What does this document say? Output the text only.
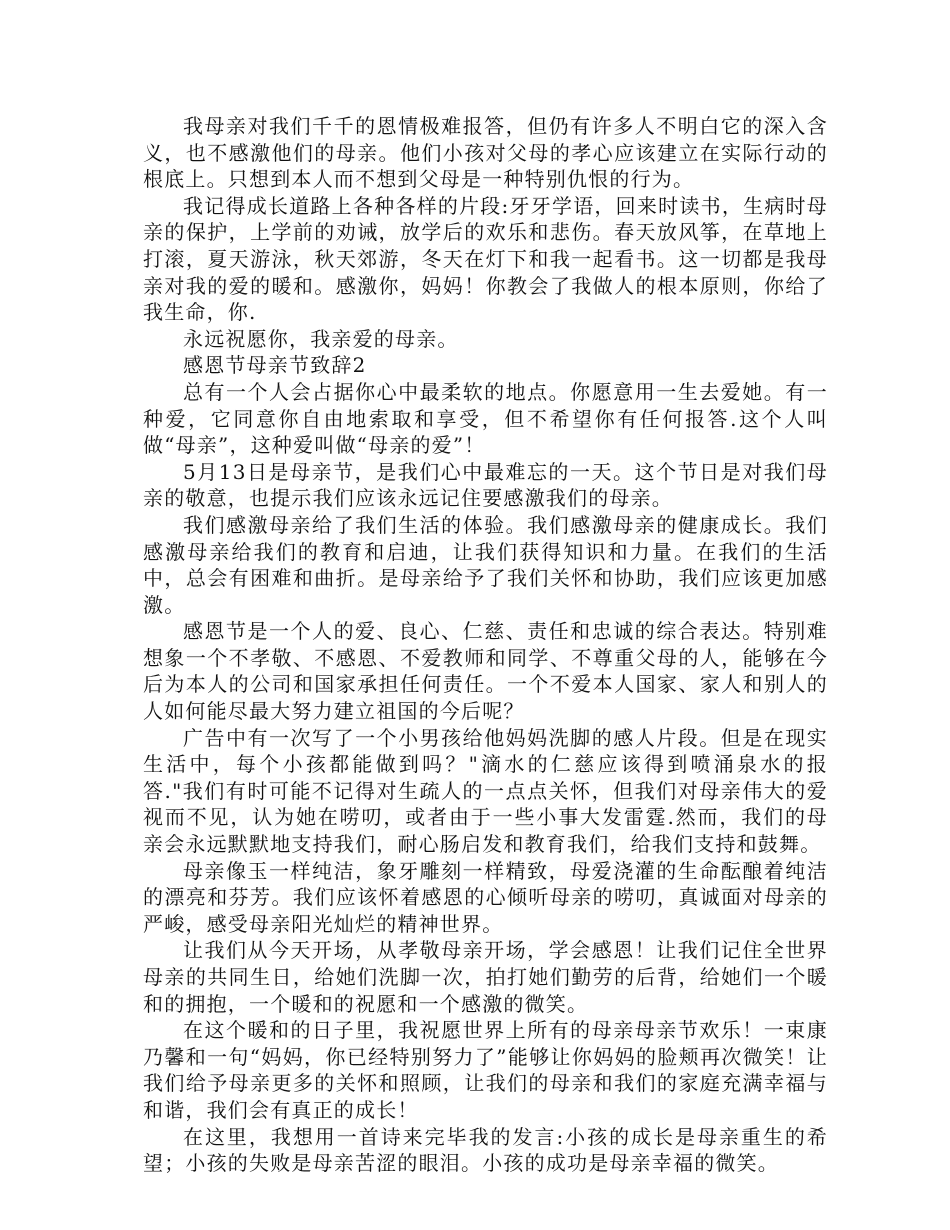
我母亲对我们千千的恩情极难报答，但仍有许多人不明白它的深入含义，也不感激他们的母亲。他们小孩对父母的孝心应该建立在实际行动的根底上。只想到本人而不想到父母是一种特别仇恨的行为。

我记得成长道路上各种各样的片段:牙牙学语，回来时读书，生病时母亲的保护，上学前的劝诫，放学后的欢乐和悲伤。春天放风筝，在草地上打滚，夏天游泳，秋天郊游，冬天在灯下和我一起看书。这一切都是我母亲对我的爱的暖和。感激你，妈妈！你教会了我做人的根本原则，你给了我生命，你.

永远祝愿你，我亲爱的母亲。

感恩节母亲节致辞2

总有一个人会占据你心中最柔软的地点。你愿意用一生去爱她。有一种爱，它同意你自由地索取和享受，但不希望你有任何报答.这个人叫做“母亲”，这种爱叫做“母亲的爱”！

5月13日是母亲节，是我们心中最难忘的一天。这个节日是对我们母亲的敬意，也提示我们应该永远记住要感激我们的母亲。

我们感激母亲给了我们生活的体验。我们感激母亲的健康成长。我们感激母亲给我们的教育和启迪，让我们获得知识和力量。在我们的生活中，总会有困难和曲折。是母亲给予了我们关怀和协助，我们应该更加感激。

感恩节是一个人的爱、良心、仁慈、责任和忠诚的综合表达。特别难想象一个不孝敬、不感恩、不爱教师和同学、不尊重父母的人，能够在今后为本人的公司和国家承担任何责任。一个不爱本人国家、家人和别人的人如何能尽最大努力建立祖国的今后呢？

广告中有一次写了一个小男孩给他妈妈洗脚的感人片段。但是在现实生活中，每个小孩都能做到吗？"滴水的仁慈应该得到喷涌泉水的报答."我们有时可能不记得对生疏人的一点点关怀，但我们对母亲伟大的爱视而不见，认为她在唠叨，或者由于一些小事大发雷霆.然而，我们的母亲会永远默默地支持我们，耐心肠启发和教育我们，给我们支持和鼓舞。

母亲像玉一样纯洁，象牙雕刻一样精致，母爱浇灌的生命酝酿着纯洁的漂亮和芬芳。我们应该怀着感恩的心倾听母亲的唠叨，真诚面对母亲的严峻，感受母亲阳光灿烂的精神世界。

让我们从今天开场，从孝敬母亲开场，学会感恩！让我们记住全世界母亲的共同生日，给她们洗脚一次，拍打她们勤劳的后背，给她们一个暖和的拥抱，一个暖和的祝愿和一个感激的微笑。

在这个暖和的日子里，我祝愿世界上所有的母亲母亲节欢乐！一束康乃馨和一句“妈妈，你已经特别努力了”能够让你妈妈的脸颊再次微笑！让我们给予母亲更多的关怀和照顾，让我们的母亲和我们的家庭充满幸福与和谐，我们会有真正的成长！

在这里，我想用一首诗来完毕我的发言:小孩的成长是母亲重生的希望；小孩的失败是母亲苦涩的眼泪。小孩的成功是母亲幸福的微笑。
